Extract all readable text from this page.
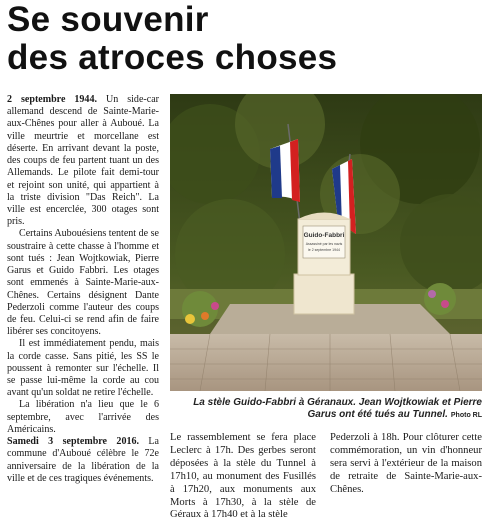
Se souvenir
des atroces choses

2 septembre 1944. Un side-car allemand descend de Sainte-Marie-aux-Chênes pour aller à Auboué. La ville meurtrie et morcellane est déserte. En arrivant devant la poste, des coups de feu partent tuant un des Allemands. Le pilote fait demi-tour et rejoint son unité, qui appartient à la triste division "Das Reich". La ville est encerclée, 300 otages sont pris.

Certains Aubouésiens tentent de se soustraire à cette chasse à l'homme et sont tués : Jean Wojtkowiak, Pierre Garus et Guido Fabbri. Les otages sont emmenés à Sainte-Marie-aux-Chênes. Certains désignent Dante Pederzoli comme l'auteur des coups de feu. Celui-ci se rend afin de faire libérer ses concitoyens.

Il est immédiatement pendu, mais la corde casse. Sans pitié, les SS le poussent à remonter sur l'échelle. Il se passe lui-même la corde au cou avant qu'un soldat ne retire l'échelle.

La libération n'a lieu que le 6 septembre, avec l'arrivée des Américains.

Samedi 3 septembre 2016. La commune d'Auboué célèbre le 72e anniversaire de la libération de la ville et de ces tragiques événements.

Guido-Fabbri
Assassiné par les nazis
le 2 septembre 1944
La stèle Guido-Fabbri à Géranaux. Jean Wojtkowiak et Pierre Garus ont été tués au Tunnel. Photo RL

Le rassemblement se fera place Leclerc à 17h. Des gerbes seront déposées à la stèle du Tunnel à 17h10, au monument des Fusillés à 17h20, aux monuments aux Morts à 17h30, à la stèle de Géraux à 17h40 et à la stèle

Pederzoli à 18h. Pour clôturer cette commémoration, un vin d'honneur sera servi à l'extérieur de la maison de retraite de Sainte-Marie-aux-Chênes.
